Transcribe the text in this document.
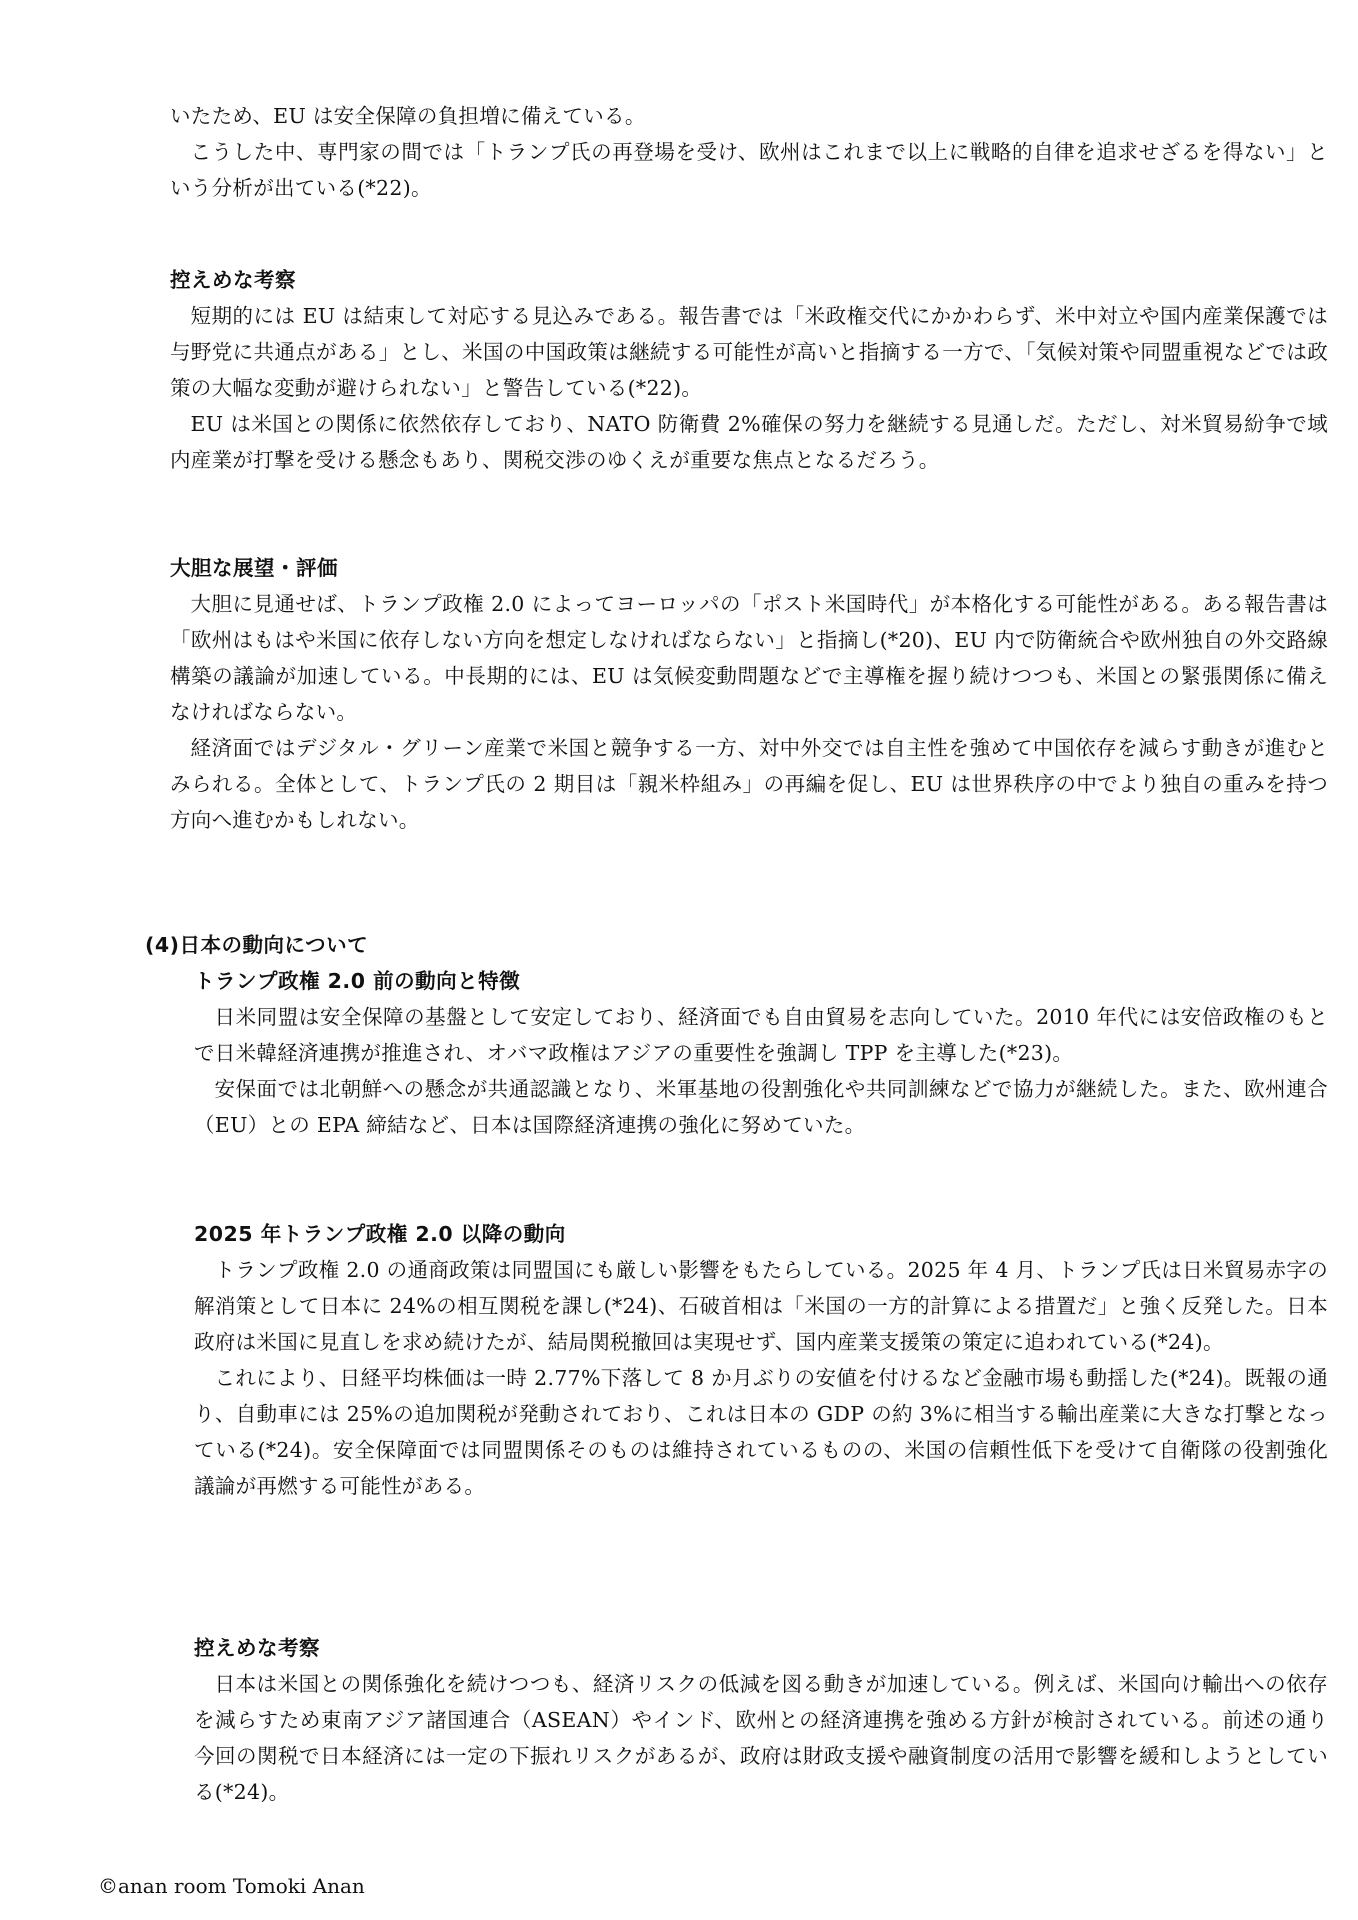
いたため、EU は安全保障の負担増に備えている。

こうした中、専門家の間では「トランプ氏の再登場を受け、欧州はこれまで以上に戦略的自律を追求せざるを得ない」という分析が出ている(*22)。

控えめな考察

短期的には EU は結束して対応する見込みである。報告書では「米政権交代にかかわらず、米中対立や国内産業保護では与野党に共通点がある」とし、米国の中国政策は継続する可能性が高いと指摘する一方で、「気候対策や同盟重視などでは政策の大幅な変動が避けられない」と警告している(*22)。

EU は米国との関係に依然依存しており、NATO 防衛費 2%確保の努力を継続する見通しだ。ただし、対米貿易紛争で域内産業が打撃を受ける懸念もあり、関税交渉のゆくえが重要な焦点となるだろう。

大胆な展望・評価

大胆に見通せば、トランプ政権 2.0 によってヨーロッパの「ポスト米国時代」が本格化する可能性がある。ある報告書は「欧州はもはや米国に依存しない方向を想定しなければならない」と指摘し(*20)、EU 内で防衛統合や欧州独自の外交路線構築の議論が加速している。中長期的には、EU は気候変動問題などで主導権を握り続けつつも、米国との緊張関係に備えなければならない。

経済面ではデジタル・グリーン産業で米国と競争する一方、対中外交では自主性を強めて中国依存を減らす動きが進むとみられる。全体として、トランプ氏の 2 期目は「親米枠組み」の再編を促し、EU は世界秩序の中でより独自の重みを持つ方向へ進むかもしれない。

(4)日本の動向について

トランプ政権 2.0 前の動向と特徴

日米同盟は安全保障の基盤として安定しており、経済面でも自由貿易を志向していた。2010 年代には安倍政権のもとで日米韓経済連携が推進され、オバマ政権はアジアの重要性を強調し TPP を主導した(*23)。

安保面では北朝鮮への懸念が共通認識となり、米軍基地の役割強化や共同訓練などで協力が継続した。また、欧州連合（EU）との EPA 締結など、日本は国際経済連携の強化に努めていた。

2025 年トランプ政権 2.0 以降の動向

トランプ政権 2.0 の通商政策は同盟国にも厳しい影響をもたらしている。2025 年 4 月、トランプ氏は日米貿易赤字の解消策として日本に 24%の相互関税を課し(*24)、石破首相は「米国の一方的計算による措置だ」と強く反発した。日本政府は米国に見直しを求め続けたが、結局関税撤回は実現せず、国内産業支援策の策定に追われている(*24)。

これにより、日経平均株価は一時 2.77%下落して 8 か月ぶりの安値を付けるなど金融市場も動揺した(*24)。既報の通り、自動車には 25%の追加関税が発動されており、これは日本の GDP の約 3%に相当する輸出産業に大きな打撃となっている(*24)。安全保障面では同盟関係そのものは維持されているものの、米国の信頼性低下を受けて自衛隊の役割強化議論が再燃する可能性がある。

控えめな考察

日本は米国との関係強化を続けつつも、経済リスクの低減を図る動きが加速している。例えば、米国向け輸出への依存を減らすため東南アジア諸国連合（ASEAN）やインド、欧州との経済連携を強める方針が検討されている。前述の通り今回の関税で日本経済には一定の下振れリスクがあるが、政府は財政支援や融資制度の活用で影響を緩和しようとしている(*24)。

©anan room Tomoki Anan
